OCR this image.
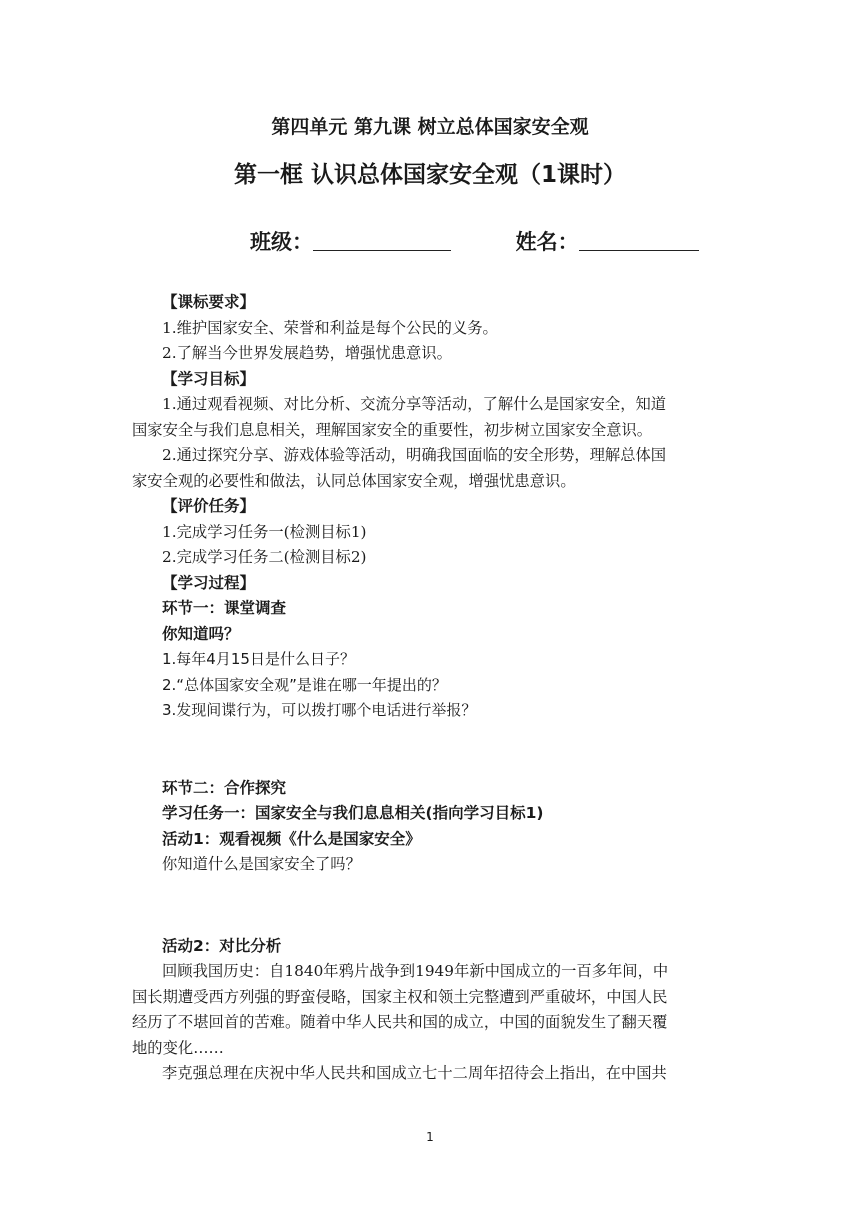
第四单元 第九课 树立总体国家安全观
第一框 认识总体国家安全观（1课时）
班级：	姓名：
【课标要求】
1.维护国家安全、荣誉和利益是每个公民的义务。
2.了解当今世界发展趋势，增强忧患意识。
【学习目标】
1.通过观看视频、对比分析、交流分享等活动，了解什么是国家安全，知道
国家安全与我们息息相关，理解国家安全的重要性，初步树立国家安全意识。
2.通过探究分享、游戏体验等活动，明确我国面临的安全形势，理解总体国
家安全观的必要性和做法，认同总体国家安全观，增强忧患意识。
【评价任务】
1.完成学习任务一(检测目标1)
2.完成学习任务二(检测目标2)
【学习过程】
环节一：课堂调查
你知道吗？
1.每年4月15日是什么日子？
2.“总体国家安全观”是谁在哪一年提出的？
3.发现间谍行为，可以拨打哪个电话进行举报？
环节二：合作探究
学习任务一：国家安全与我们息息相关(指向学习目标1)
活动1：观看视频《什么是国家安全》
你知道什么是国家安全了吗？
活动2：对比分析
回顾我国历史：自1840年鸦片战争到1949年新中国成立的一百多年间，中
国长期遭受西方列强的野蛮侵略，国家主权和领土完整遭到严重破坏，中国人民
经历了不堪回首的苦难。随着中华人民共和国的成立，中国的面貌发生了翻天覆
地的变化……
李克强总理在庆祝中华人民共和国成立七十二周年招待会上指出，在中国共
1
